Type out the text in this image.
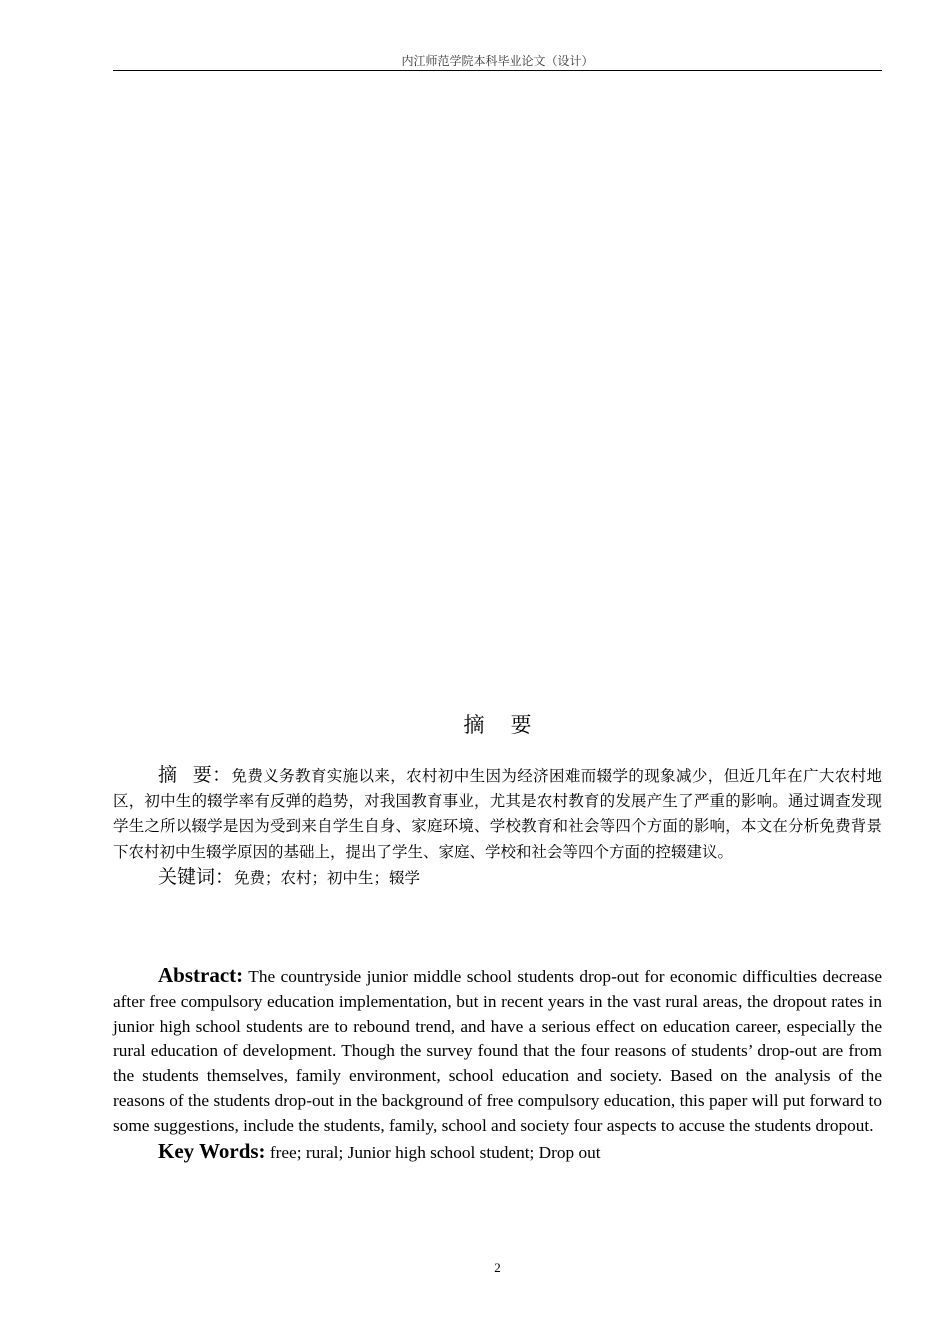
内江师范学院本科毕业论文（设计）
摘 要

摘 要：免费义务教育实施以来，农村初中生因为经济困难而辍学的现象减少，但近几年在广大农村地区，初中生的辍学率有反弹的趋势，对我国教育事业，尤其是农村教育的发展产生了严重的影响。通过调查发现学生之所以辍学是因为受到来自学生自身、家庭环境、学校教育和社会等四个方面的影响，本文在分析免费背景下农村初中生辍学原因的基础上，提出了学生、家庭、学校和社会等四个方面的控辍建议。

关键词：免费；农村；初中生；辍学

Abstract: The countryside junior middle school students drop-out for economic difficulties decrease after free compulsory education implementation, but in recent years in the vast rural areas, the dropout rates in junior high school students are to rebound trend, and have a serious effect on education career, especially the rural education of development. Though the survey found that the four reasons of students’ drop-out are from the students themselves, family environment, school education and society. Based on the analysis of the reasons of the students drop-out in the background of free compulsory education, this paper will put forward to some suggestions, include the students, family, school and society four aspects to accuse the students dropout.

Key Words: free; rural; Junior high school student; Drop out

2
